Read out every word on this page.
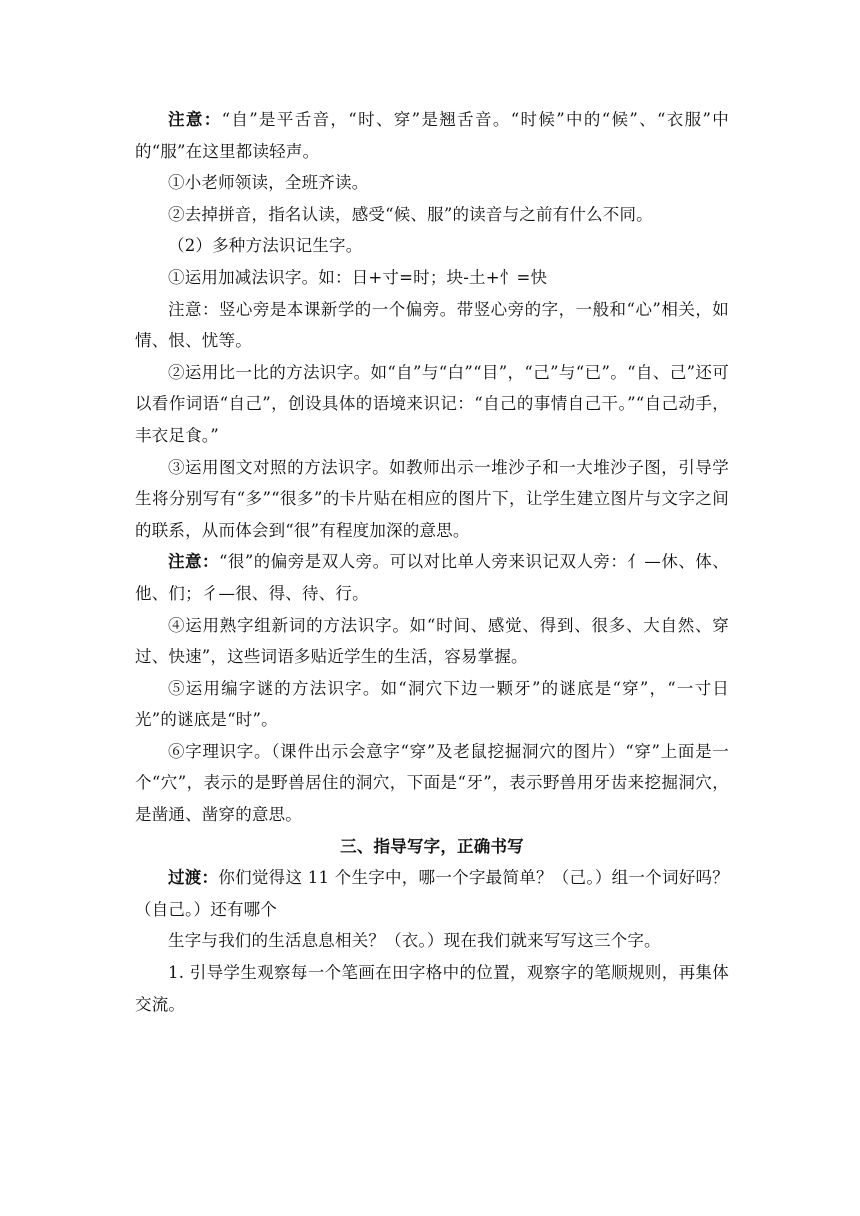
注意：“自”是平舌音，“时、穿”是翘舌音。“时候”中的“候”、“衣服”中的“服”在这里都读轻声。

①小老师领读，全班齐读。

②去掉拼音，指名认读，感受“候、服”的读音与之前有什么不同。

（2）多种方法识记生字。

①运用加减法识字。如：日+寸=时；块-土+忄=快

注意：竖心旁是本课新学的一个偏旁。带竖心旁的字，一般和“心”相关，如情、恨、忧等。

②运用比一比的方法识字。如“自”与“白”“目”，“己”与“已”。“自、己”还可以看作词语“自己”，创设具体的语境来识记：“自己的事情自己干。”“自己动手，丰衣足食。”

③运用图文对照的方法识字。如教师出示一堆沙子和一大堆沙子图，引导学生将分别写有“多”“很多”的卡片贴在相应的图片下，让学生建立图片与文字之间的联系，从而体会到“很”有程度加深的意思。

注意：“很”的偏旁是双人旁。可以对比单人旁来识记双人旁：亻—休、体、他、们；彳—很、得、待、行。

④运用熟字组新词的方法识字。如“时间、感觉、得到、很多、大自然、穿过、快速”，这些词语多贴近学生的生活，容易掌握。

⑤运用编字谜的方法识字。如“洞穴下边一颗牙”的谜底是“穿”，“一寸日光”的谜底是“时”。

⑥字理识字。（课件出示会意字“穿”及老鼠挖掘洞穴的图片）“穿”上面是一个“穴”，表示的是野兽居住的洞穴，下面是“牙”，表示野兽用牙齿来挖掘洞穴，是凿通、凿穿的意思。

三、指导写字，正确书写

过渡：你们觉得这 11 个生字中，哪一个字最简单？（己。）组一个词好吗？（自己。）还有哪个

生字与我们的生活息息相关？（衣。）现在我们就来写写这三个字。

1. 引导学生观察每一个笔画在田字格中的位置，观察字的笔顺规则，再集体交流。
